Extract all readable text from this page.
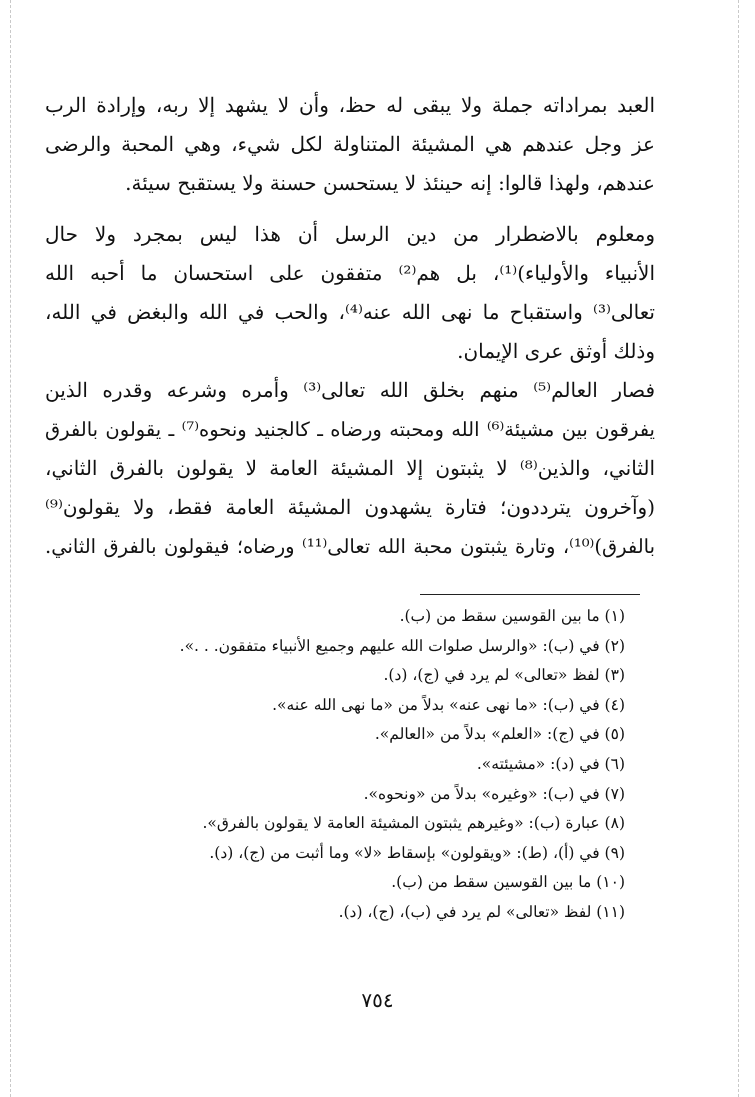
العبد بمراداته جملة ولا يبقى له حظ، وأن لا يشهد إلا ربه، وإرادة الرب
عز وجل عندهم هي المشيئة المتناولة لكل شيء، وهي المحبة والرضى
عندهم، ولهذا قالوا: إنه حينئذ لا يستحسن حسنة ولا يستقبح سيئة.
ومعلوم بالاضطرار من دين الرسل أن هذا ليس بمجرد ولا حال
الأنبياء والأولياء)⁽¹⁾، بل هم⁽²⁾ متفقون على استحسان ما أحبه الله
تعالى⁽³⁾ واستقباح ما نهى الله عنه⁽⁴⁾، والحب في الله والبغض في الله،
وذلك أوثق عرى الإيمان.
فصار العالم⁽⁵⁾ منهم بخلق الله تعالى⁽³⁾ وأمره وشرعه وقدره الذين
يفرقون بين مشيئة⁽⁶⁾ الله ومحبته ورضاه ـ كالجنيد ونحوه⁽⁷⁾ ـ يقولون بالفرق
الثاني، والذين⁽⁸⁾ لا يثبتون إلا المشيئة العامة لا يقولون بالفرق الثاني،
(وآخرون يترددون؛ فتارة يشهدون المشيئة العامة فقط، ولا يقولون⁽⁹⁾
بالفرق)⁽¹⁰⁾، وتارة يثبتون محبة الله تعالى⁽¹¹⁾ ورضاه؛ فيقولون بالفرق الثاني.
(١) ما بين القوسين سقط من (ب).
(٢) في (ب): «والرسل صلوات الله عليهم وجميع الأنبياء متفقون. . .».
(٣) لفظ «تعالى» لم يرد في (ج)، (د).
(٤) في (ب): «ما نهى عنه» بدلاً من «ما نهى الله عنه».
(٥) في (ج): «العلم» بدلاً من «العالم».
(٦) في (د): «مشيئته».
(٧) في (ب): «وغيره» بدلاً من «ونحوه».
(٨) عبارة (ب): «وغيرهم يثبتون المشيئة العامة لا يقولون بالفرق».
(٩) في (أ)، (ط): «ويقولون» بإسقاط «لا» وما أثبت من (ج)، (د).
(١٠) ما بين القوسين سقط من (ب).
(١١) لفظ «تعالى» لم يرد في (ب)، (ج)، (د).
٧٥٤
